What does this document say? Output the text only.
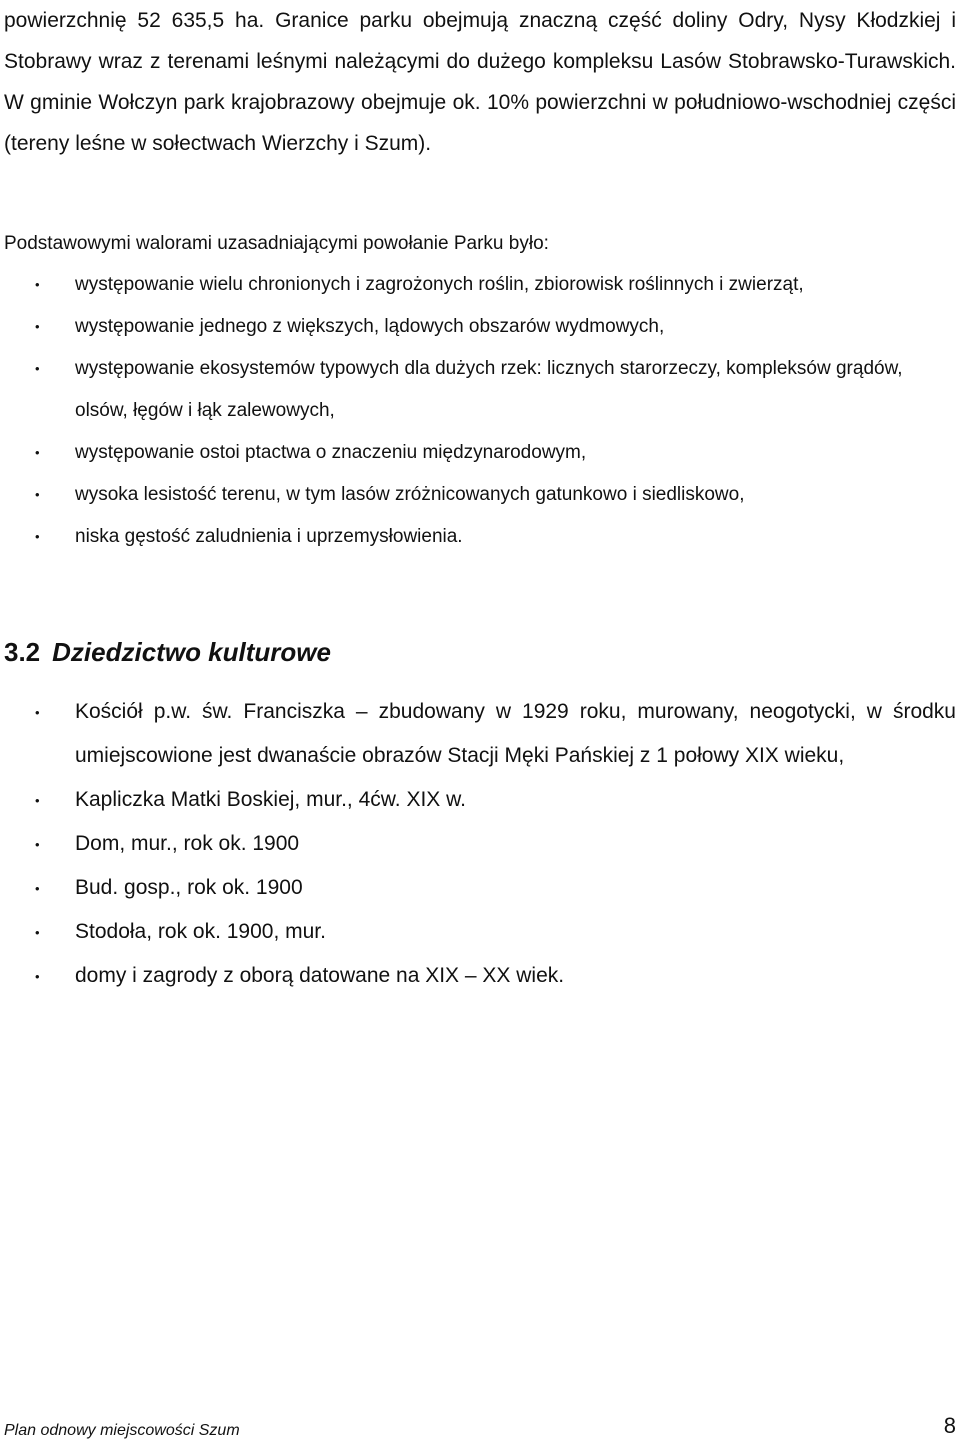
powierzchnię 52 635,5 ha. Granice parku obejmują znaczną część doliny Odry, Nysy Kłodzkiej i Stobrawy wraz z terenami leśnymi należącymi do dużego kompleksu Lasów Stobrawsko-Turawskich. W gminie Wołczyn park krajobrazowy obejmuje ok. 10% powierzchni w południowo-wschodniej części (tereny leśne w sołectwach Wierzchy i Szum).

Podstawowymi walorami uzasadniającymi powołanie Parku było:

• występowanie wielu chronionych i zagrożonych roślin, zbiorowisk roślinnych i zwierząt,
• występowanie jednego z większych, lądowych obszarów wydmowych,
• występowanie ekosystemów typowych dla dużych rzek: licznych starorzeczy, kompleksów grądów, olsów, łęgów i łąk zalewowych,
• występowanie ostoi ptactwa o znaczeniu międzynarodowym,
• wysoka lesistość terenu, w tym lasów zróżnicowanych gatunkowo i siedliskowo,
• niska gęstość zaludnienia i uprzemysłowienia.
3.2 Dziedzictwo kulturowe
• Kościół p.w. św. Franciszka – zbudowany w 1929 roku, murowany, neogotycki, w środku umiejscowione jest dwanaście obrazów Stacji Męki Pańskiej z 1 połowy XIX wieku,
• Kapliczka Matki Boskiej, mur., 4ćw. XIX w.
• Dom, mur., rok ok. 1900
• Bud. gosp., rok ok. 1900
• Stodoła, rok ok. 1900, mur.
• domy i zagrody z oborą datowane na XIX – XX wiek.
Plan odnowy miejscowości Szum	8
